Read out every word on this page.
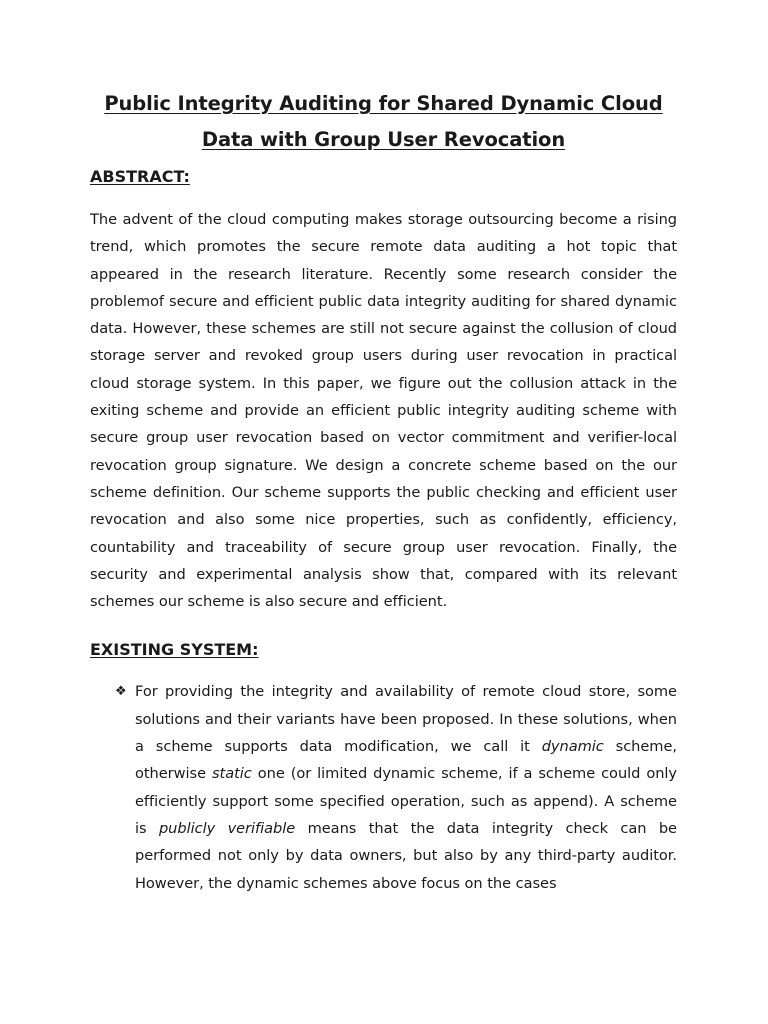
Public Integrity Auditing for Shared Dynamic Cloud
Data with Group User Revocation
ABSTRACT:

The advent of the cloud computing makes storage outsourcing become a rising trend, which promotes the secure remote data auditing a hot topic that appeared in the research literature. Recently some research consider the problemof secure and efficient public data integrity auditing for shared dynamic data. However, these schemes are still not secure against the collusion of cloud storage server and revoked group users during user revocation in practical cloud storage system. In this paper, we figure out the collusion attack in the exiting scheme and provide an efficient public integrity auditing scheme with secure group user revocation based on vector commitment and verifier-local revocation group signature. We design a concrete scheme based on the our scheme definition. Our scheme supports the public checking and efficient user revocation and also some nice properties, such as confidently, efficiency, countability and traceability of secure group user revocation. Finally, the security and experimental analysis show that, compared with its relevant schemes our scheme is also secure and efficient.

EXISTING SYSTEM:
❖ For providing the integrity and availability of remote cloud store, some solutions and their variants have been proposed. In these solutions, when a scheme supports data modification, we call it dynamic scheme, otherwise static one (or limited dynamic scheme, if a scheme could only efficiently support some specified operation, such as append). A scheme is publicly verifiable means that the data integrity check can be performed not only by data owners, but also by any third-party auditor. However, the dynamic schemes above focus on the cases
